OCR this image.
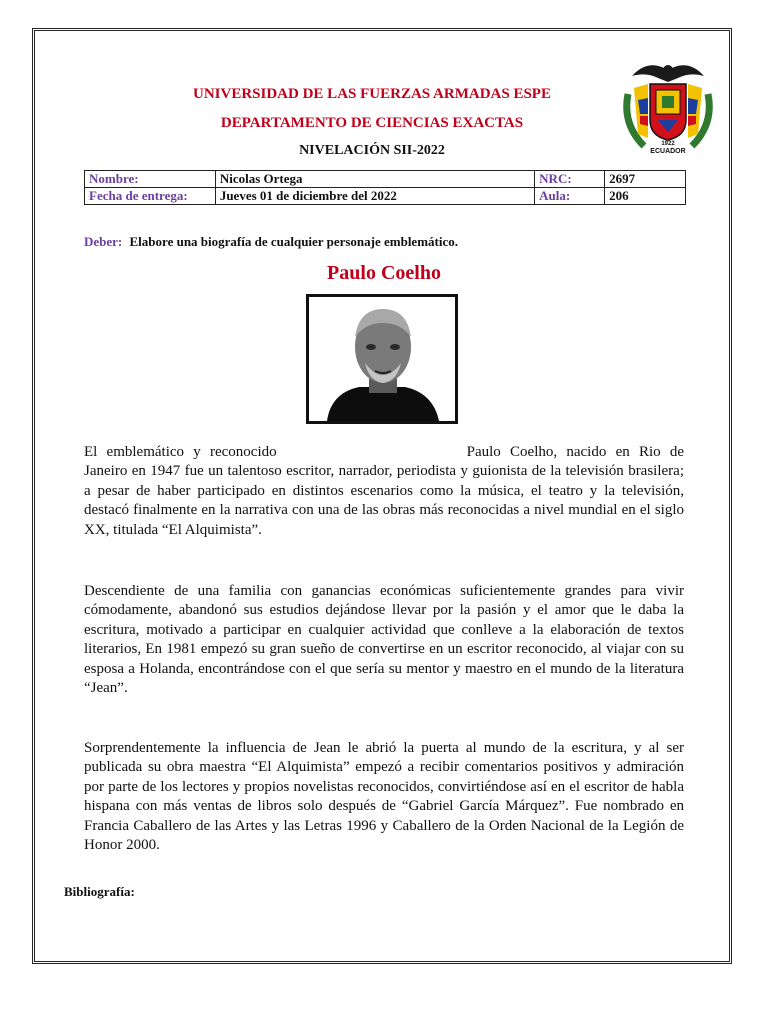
UNIVERSIDAD DE LAS FUERZAS ARMADAS ESPE
DEPARTAMENTO DE CIENCIAS EXACTAS
NIVELACIÓN SII-2022	1922
ECUADOR
Nombre:	Nicolas Ortega	NRC:	2697
Fecha de entrega:	Jueves 01 de diciembre del 2022	Aula:	206
Deber: Elabore una biografía de cualquier personaje emblemático.
Paulo Coelho

El emblemático y reconocido	Paulo Coelho, nacido en Rio de Janeiro en 1947 fue un talentoso escritor, narrador, periodista y guionista de la televisión brasilera; a pesar de haber participado en distintos escenarios como la música, el teatro y la televisión, destacó finalmente en la narrativa con una de las obras más reconocidas a nivel mundial en el siglo XX, titulada “El Alquimista”.

Descendiente de una familia con ganancias económicas suficientemente grandes para vivir cómodamente, abandonó sus estudios dejándose llevar por la pasión y el amor que le daba la escritura, motivado a participar en cualquier actividad que conlleve a la elaboración de textos literarios, En 1981 empezó su gran sueño de convertirse en un escritor reconocido, al viajar con su esposa a Holanda, encontrándose con el que sería su mentor y maestro en el mundo de la literatura “Jean”.

Sorprendentemente la influencia de Jean le abrió la puerta al mundo de la escritura, y al ser publicada su obra maestra “El Alquimista” empezó a recibir comentarios positivos y admiración por parte de los lectores y propios novelistas reconocidos, convirtiéndose así en el escritor de habla hispana con más ventas de libros solo después de “Gabriel García Márquez”. Fue nombrado en Francia Caballero de las Artes y las Letras 1996 y Caballero de la Orden Nacional de la Legión de Honor 2000.

Bibliografía:
